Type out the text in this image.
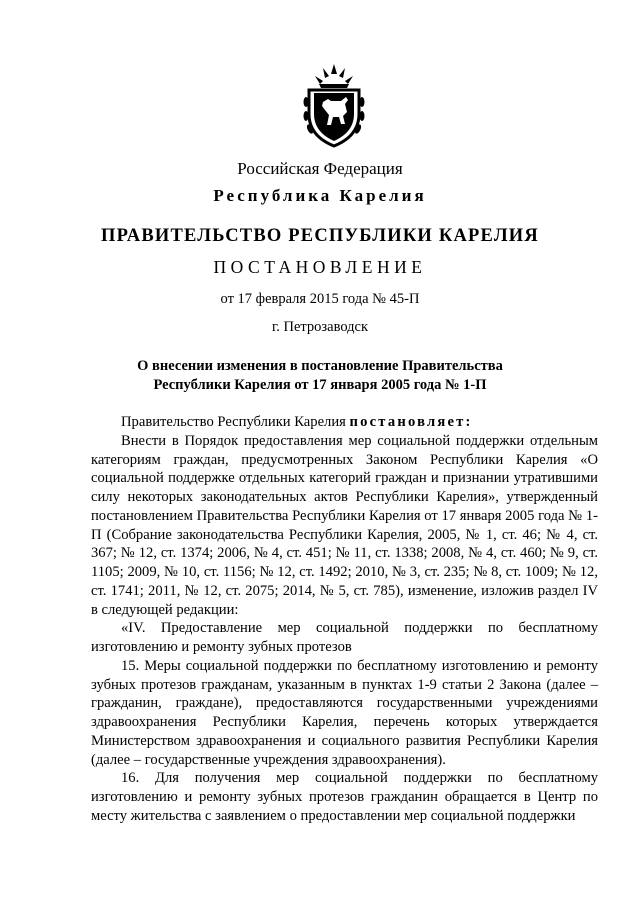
Российская Федерация
Республика Карелия
ПРАВИТЕЛЬСТВО РЕСПУБЛИКИ КАРЕЛИЯ
ПОСТАНОВЛЕНИЕ
от 17 февраля 2015 года № 45-П
г. Петрозаводск
О внесении изменения в постановление Правительства
Республики Карелия от 17 января 2005 года № 1-П

Правительство Республики Карелия постановляет:

Внести в Порядок предоставления мер социальной поддержки отдельным категориям граждан, предусмотренных Законом Республики Карелия «О социальной поддержке отдельных категорий граждан и признании утратившими силу некоторых законодательных актов Республики Карелия», утвержденный постановлением Правительства Республики Карелия от 17 января 2005 года № 1-П (Собрание законодательства Республики Карелия, 2005, № 1, ст. 46; № 4, ст. 367; № 12, ст. 1374; 2006, № 4, ст. 451; № 11, ст. 1338; 2008, № 4, ст. 460; № 9, ст. 1105; 2009, № 10, ст. 1156; № 12, ст. 1492; 2010, № 3, ст. 235; № 8, ст. 1009; № 12, ст. 1741; 2011, № 12, ст. 2075; 2014, № 5, ст. 785), изменение, изложив раздел IV в следующей редакции:

«IV. Предоставление мер социальной поддержки по бесплатному изготовлению и ремонту зубных протезов

15. Меры социальной поддержки по бесплатному изготовлению и ремонту зубных протезов гражданам, указанным в пунктах 1-9 статьи 2 Закона (далее – гражданин, граждане), предоставляются государственными учреждениями здравоохранения Республики Карелия, перечень которых утверждается Министерством здравоохранения и социального развития Республики Карелия (далее – государственные учреждения здравоохранения).

16. Для получения мер социальной поддержки по бесплатному изготовлению и ремонту зубных протезов гражданин обращается в Центр по месту жительства с заявлением о предоставлении мер социальной поддержки
